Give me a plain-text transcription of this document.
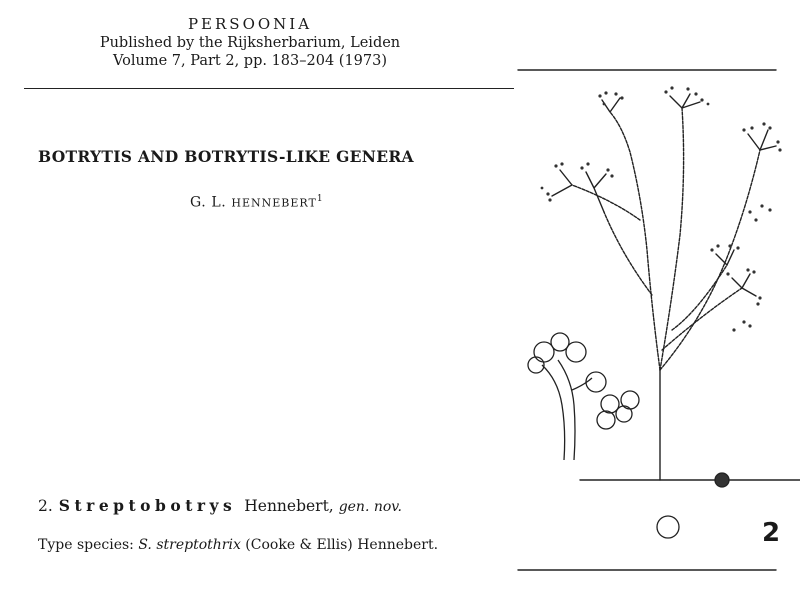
PERSOONIA
Published by the Rijksherbarium, Leiden
Volume 7, Part 2, pp. 183–204 (1973)
BOTRYTIS AND BOTRYTIS-LIKE GENERA
G. L. HENNEBERT$^1$
2. Streptobotrys Hennebert, gen. nov.
Type species: S. streptothrix (Cooke & Ellis) Hennebert.	2
